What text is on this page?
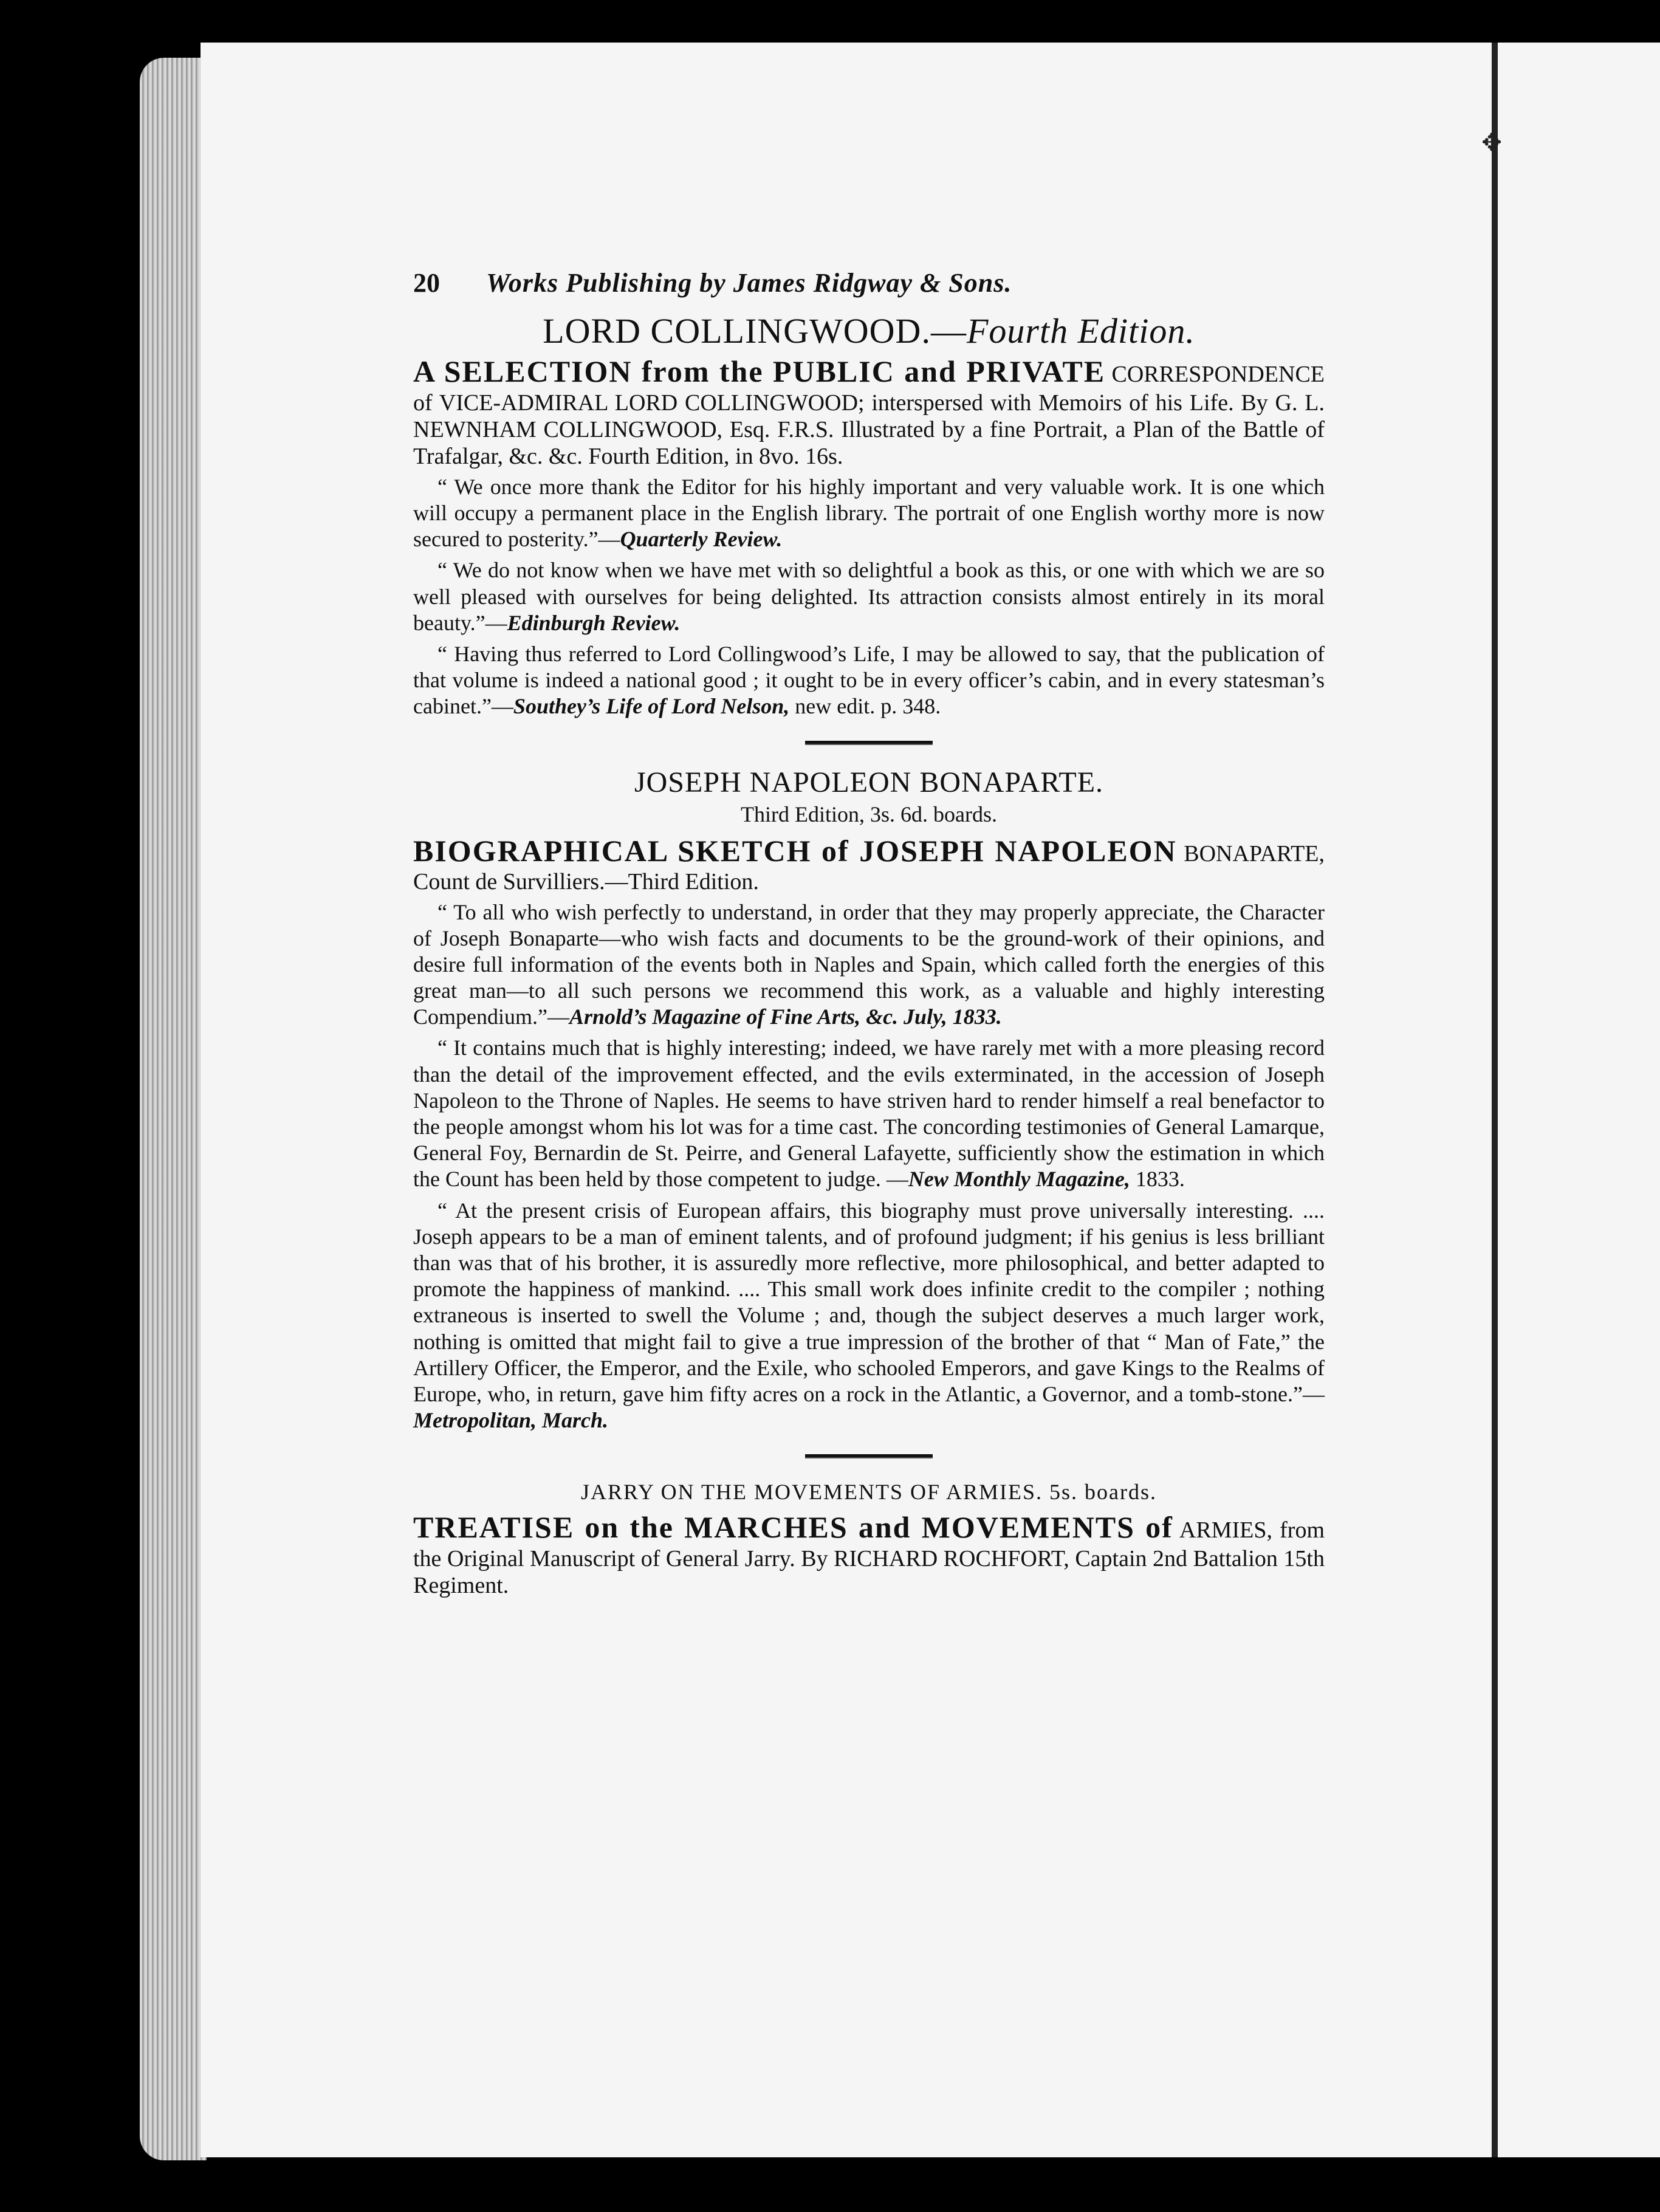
✥
20	Works Publishing by James Ridgway & Sons.
LORD COLLINGWOOD.—Fourth Edition.

A SELECTION from the PUBLIC and PRIVATE CORRESPONDENCE of VICE-ADMIRAL LORD COLLINGWOOD; interspersed with Memoirs of his Life. By G. L. NEWNHAM COLLINGWOOD, Esq. F.R.S. Illustrated by a fine Portrait, a Plan of the Battle of Trafalgar, &c. &c. Fourth Edition, in 8vo. 16s.

“ We once more thank the Editor for his highly important and very valuable work. It is one which will occupy a permanent place in the English library. The portrait of one English worthy more is now secured to posterity.”—Quarterly Review.

“ We do not know when we have met with so delightful a book as this, or one with which we are so well pleased with ourselves for being delighted. Its attraction consists almost entirely in its moral beauty.”—Edinburgh Review.

“ Having thus referred to Lord Collingwood’s Life, I may be allowed to say, that the publication of that volume is indeed a national good ; it ought to be in every officer’s cabin, and in every statesman’s cabinet.”—Southey’s Life of Lord Nelson, new edit. p. 348.

JOSEPH NAPOLEON BONAPARTE.
Third Edition, 3s. 6d. boards.

BIOGRAPHICAL SKETCH of JOSEPH NAPOLEON BONAPARTE, Count de Survilliers.—Third Edition.

“ To all who wish perfectly to understand, in order that they may properly appreciate, the Character of Joseph Bonaparte—who wish facts and documents to be the ground-work of their opinions, and desire full information of the events both in Naples and Spain, which called forth the energies of this great man—to all such persons we recommend this work, as a valuable and highly interesting Compendium.”—Arnold’s Magazine of Fine Arts, &c. July, 1833.

“ It contains much that is highly interesting; indeed, we have rarely met with a more pleasing record than the detail of the improvement effected, and the evils exterminated, in the accession of Joseph Napoleon to the Throne of Naples. He seems to have striven hard to render himself a real benefactor to the people amongst whom his lot was for a time cast. The concording testimonies of General Lamarque, General Foy, Bernardin de St. Peirre, and General Lafayette, sufficiently show the estimation in which the Count has been held by those competent to judge. —New Monthly Magazine, 1833.

“ At the present crisis of European affairs, this biography must prove universally interesting. .... Joseph appears to be a man of eminent talents, and of profound judgment; if his genius is less brilliant than was that of his brother, it is assuredly more reflective, more philosophical, and better adapted to promote the happiness of mankind. .... This small work does infinite credit to the compiler ; nothing extraneous is inserted to swell the Volume ; and, though the subject deserves a much larger work, nothing is omitted that might fail to give a true impression of the brother of that “ Man of Fate,” the Artillery Officer, the Emperor, and the Exile, who schooled Emperors, and gave Kings to the Realms of Europe, who, in return, gave him fifty acres on a rock in the Atlantic, a Governor, and a tomb-stone.”—Metropolitan, March.

JARRY ON THE MOVEMENTS OF ARMIES. 5s. boards.

TREATISE on the MARCHES and MOVEMENTS of ARMIES, from the Original Manuscript of General Jarry. By RICHARD ROCHFORT, Captain 2nd Battalion 15th Regiment.
